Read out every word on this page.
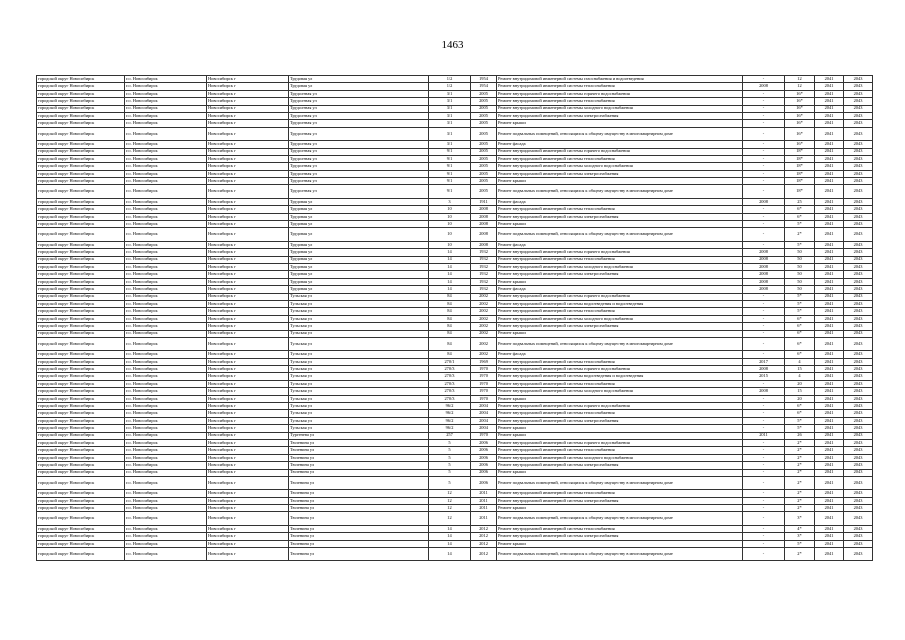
1463
городской округ Новосибирск	г.о. Новосибирск	Новосибирск г	Трудовая ул	1/2	1954	Ремонт внутридомовой инженерной системы газоснабжения и водоотведения	-	12	2041	2043
городской округ Новосибирск	г.о. Новосибирск	Новосибирск г	Трудовая ул	1/2	1954	Ремонт внутридомовой инженерной системы теплоснабжения	2008	12	2041	2043
городской округ Новосибирск	г.о. Новосибирск	Новосибирск г	Трудолтная ул	3/1	2005	Ремонт внутридомовой инженерной системы горячего водоснабжения	-	16*	2041	2043
городской округ Новосибирск	г.о. Новосибирск	Новосибирск г	Трудолтная ул	3/1	2005	Ремонт внутридомовой инженерной системы теплоснабжения	-	16*	2041	2043
городской округ Новосибирск	г.о. Новосибирск	Новосибирск г	Трудолтная ул	3/1	2005	Ремонт внутридомовой инженерной системы холодного водоснабжения	-	16*	2041	2043
городской округ Новосибирск	г.о. Новосибирск	Новосибирск г	Трудолтная ул	3/1	2005	Ремонт внутридомовой инженерной системы электроснабжения	-	16*	2041	2043
городской округ Новосибирск	г.о. Новосибирск	Новосибирск г	Трудолтная ул	3/1	2005	Ремонт крыши	-	16*	2041	2043
городской округ Новосибирск	г.о. Новосибирск	Новосибирск г	Трудолтная ул	3/1	2005	Ремонт подвальных помещений, относящихся к общему имуществу в многоквартирном доме	-	16*	2041	2043
городской округ Новосибирск	г.о. Новосибирск	Новосибирск г	Трудолтная ул	3/1	2005	Ремонт фасада	-	16*	2041	2043
городской округ Новосибирск	г.о. Новосибирск	Новосибирск г	Трудолтная ул	9/1	2005	Ремонт внутридомовой инженерной системы горячего водоснабжения	-	18*	2041	2043
городской округ Новосибирск	г.о. Новосибирск	Новосибирск г	Трудолтная ул	9/1	2005	Ремонт внутридомовой инженерной системы теплоснабжения	-	18*	2041	2043
городской округ Новосибирск	г.о. Новосибирск	Новосибирск г	Трудолтная ул	9/1	2005	Ремонт внутридомовой инженерной системы холодного водоснабжения	-	18*	2041	2043
городской округ Новосибирск	г.о. Новосибирск	Новосибирск г	Трудолтная ул	9/1	2005	Ремонт внутридомовой инженерной системы электроснабжения	-	18*	2041	2043
городской округ Новосибирск	г.о. Новосибирск	Новосибирск г	Трудолтная ул	9/1	2005	Ремонт крыши	-	18*	2041	2043
городской округ Новосибирск	г.о. Новосибирск	Новосибирск г	Трудолтная ул	9/1	2005	Ремонт подвальных помещений, относящихся к общему имуществу в многоквартирном доме	-	18*	2041	2043
городской округ Новосибирск	г.о. Новосибирск	Новосибирск г	Трудовая ул	3	1911	Ремонт фасада	2008	25	2041	2043
городской округ Новосибирск	г.о. Новосибирск	Новосибирск г	Трудовая ул	10	2008	Ремонт внутридомовой инженерной системы теплоснабжения	-	6*	2041	2043
городской округ Новосибирск	г.о. Новосибирск	Новосибирск г	Трудовая ул	10	2008	Ремонт внутридомовой инженерной системы электроснабжения	-	6*	2041	2043
городской округ Новосибирск	г.о. Новосибирск	Новосибирск г	Трудовая ул	10	2008	Ремонт крыши	-	5*	2041	2043
городской округ Новосибирск	г.о. Новосибирск	Новосибирск г	Трудовая ул	10	2008	Ремонт подвальных помещений, относящихся к общему имуществу в многоквартирном доме	-	2*	2041	2043
городской округ Новосибирск	г.о. Новосибирск	Новосибирск г	Трудовая ул	10	2008	Ремонт фасада	-	5*	2041	2043
городской округ Новосибирск	г.о. Новосибирск	Новосибирск г	Трудовая ул	14	1932	Ремонт внутридомовой инженерной системы горячего водоснабжения	2008	50	2041	2043
городской округ Новосибирск	г.о. Новосибирск	Новосибирск г	Трудовая ул	14	1932	Ремонт внутридомовой инженерной системы теплоснабжения	2008	50	2041	2043
городской округ Новосибирск	г.о. Новосибирск	Новосибирск г	Трудовая ул	14	1932	Ремонт внутридомовой инженерной системы холодного водоснабжения	2008	50	2041	2043
городской округ Новосибирск	г.о. Новосибирск	Новосибирск г	Трудовая ул	14	1932	Ремонт внутридомовой инженерной системы электроснабжения	2008	50	2041	2043
городской округ Новосибирск	г.о. Новосибирск	Новосибирск г	Трудовая ул	14	1932	Ремонт крыши	2008	50	2041	2043
городской округ Новосибирск	г.о. Новосибирск	Новосибирск г	Трудовая ул	14	1932	Ремонт фасада	2008	50	2041	2043
городской округ Новосибирск	г.о. Новосибирск	Новосибирск г	Тульская ул	84	2002	Ремонт внутридомовой инженерной системы горячего водоснабжения	-	5*	2041	2043
городской округ Новосибирск	г.о. Новосибирск	Новосибирск г	Тульская ул	84	2002	Ремонт внутридомовой инженерной системы водоотведения и водоотведения	-	5*	2041	2043
городской округ Новосибирск	г.о. Новосибирск	Новосибирск г	Тульская ул	84	2002	Ремонт внутридомовой инженерной системы теплоснабжения	-	5*	2041	2043
городской округ Новосибирск	г.о. Новосибирск	Новосибирск г	Тульская ул	84	2002	Ремонт внутридомовой инженерной системы холодного водоснабжения	-	6*	2041	2043
городской округ Новосибирск	г.о. Новосибирск	Новосибирск г	Тульская ул	84	2002	Ремонт внутридомовой инженерной системы электроснабжения	-	6*	2041	2043
городской округ Новосибирск	г.о. Новосибирск	Новосибирск г	Тульская ул	84	2002	Ремонт крыши	-	6*	2041	2043
городской округ Новосибирск	г.о. Новосибирск	Новосибирск г	Тульская ул	84	2002	Ремонт подвальных помещений, относящихся к общему имуществу в многоквартирном доме	-	6*	2041	2043
городской округ Новосибирск	г.о. Новосибирск	Новосибирск г	Тульская ул	84	2002	Ремонт фасада	-	6*	2041	2043
городской округ Новосибирск	г.о. Новосибирск	Новосибирск г	Тульская ул	270/1	1969	Ремонт внутридомовой инженерной системы теплоснабжения	2017	4	2041	2043
городской округ Новосибирск	г.о. Новосибирск	Новосибирск г	Тульская ул	270/3	1970	Ремонт внутридомовой инженерной системы горячего водоснабжения	2008	15	2041	2043
городской округ Новосибирск	г.о. Новосибирск	Новосибирск г	Тульская ул	270/3	1970	Ремонт внутридомовой инженерной системы водоотведения и водоотведения	2015	4	2041	2043
городской округ Новосибирск	г.о. Новосибирск	Новосибирск г	Тульская ул	270/3	1970	Ремонт внутридомовой инженерной системы теплоснабжения	-	20	2041	2043
городской округ Новосибирск	г.о. Новосибирск	Новосибирск г	Тульская ул	270/3	1970	Ремонт внутридомовой инженерной системы холодного водоснабжения	2008	15	2041	2043
городской округ Новосибирск	г.о. Новосибирск	Новосибирск г	Тульская ул	270/3	1970	Ремонт крыши	-	20	2041	2043
городской округ Новосибирск	г.о. Новосибирск	Новосибирск г	Тульская ул	96/2	2004	Ремонт внутридомовой инженерной системы горячего водоснабжения	-	6*	2041	2043
городской округ Новосибирск	г.о. Новосибирск	Новосибирск г	Тульская ул	96/2	2004	Ремонт внутридомовой инженерной системы теплоснабжения	-	6*	2041	2043
городской округ Новосибирск	г.о. Новосибирск	Новосибирск г	Тульская ул	96/2	2004	Ремонт внутридомовой инженерной системы электроснабжения	-	5*	2041	2043
городской округ Новосибирск	г.о. Новосибирск	Новосибирск г	Тульская ул	96/2	2004	Ремонт крыши	-	5*	2041	2043
городской округ Новосибирск	г.о. Новосибирск	Новосибирск г	Тургенева ул	257	1970	Ремонт крыши	2011	26	2041	2043
городской округ Новосибирск	г.о. Новосибирск	Новосибирск г	Тюленина ул	5	2006	Ремонт внутридомовой инженерной системы горячего водоснабжения	-	2*	2041	2043
городской округ Новосибирск	г.о. Новосибирск	Новосибирск г	Тюленина ул	5	2006	Ремонт внутридомовой инженерной системы теплоснабжения	-	2*	2041	2043
городской округ Новосибирск	г.о. Новосибирск	Новосибирск г	Тюленина ул	5	2006	Ремонт внутридомовой инженерной системы холодного водоснабжения	-	2*	2041	2043
городской округ Новосибирск	г.о. Новосибирск	Новосибирск г	Тюленина ул	5	2006	Ремонт внутридомовой инженерной системы электроснабжения	-	2*	2041	2043
городской округ Новосибирск	г.о. Новосибирск	Новосибирск г	Тюленина ул	5	2006	Ремонт крыши	-	2*	2041	2043
городской округ Новосибирск	г.о. Новосибирск	Новосибирск г	Тюленина ул	5	2006	Ремонт подвальных помещений, относящихся к общему имуществу в многоквартирном доме	-	2*	2041	2043
городской округ Новосибирск	г.о. Новосибирск	Новосибирск г	Тюленина ул	12	2011	Ремонт внутридомовой инженерной системы теплоснабжения	-	2*	2041	2043
городской округ Новосибирск	г.о. Новосибирск	Новосибирск г	Тюленина ул	12	2011	Ремонт внутридомовой инженерной системы электроснабжения	-	2*	2041	2043
городской округ Новосибирск	г.о. Новосибирск	Новосибирск г	Тюленина ул	12	2011	Ремонт крыши	-	2*	2041	2043
городской округ Новосибирск	г.о. Новосибирск	Новосибирск г	Тюленина ул	12	2011	Ремонт подвальных помещений, относящихся к общему имуществу в многоквартирном доме	-	3*	2041	2043
городской округ Новосибирск	г.о. Новосибирск	Новосибирск г	Тюленина ул	14	2012	Ремонт внутридомовой инженерной системы теплоснабжения	-	4*	2041	2043
городской округ Новосибирск	г.о. Новосибирск	Новосибирск г	Тюленина ул	14	2012	Ремонт внутридомовой инженерной системы электроснабжения	-	3*	2041	2043
городской округ Новосибирск	г.о. Новосибирск	Новосибирск г	Тюленина ул	14	2012	Ремонт крыши	-	5*	2041	2043
городской округ Новосибирск	г.о. Новосибирск	Новосибирск г	Тюленина ул	14	2012	Ремонт подвальных помещений, относящихся к общему имуществу в многоквартирном доме	-	2*	2041	2043
